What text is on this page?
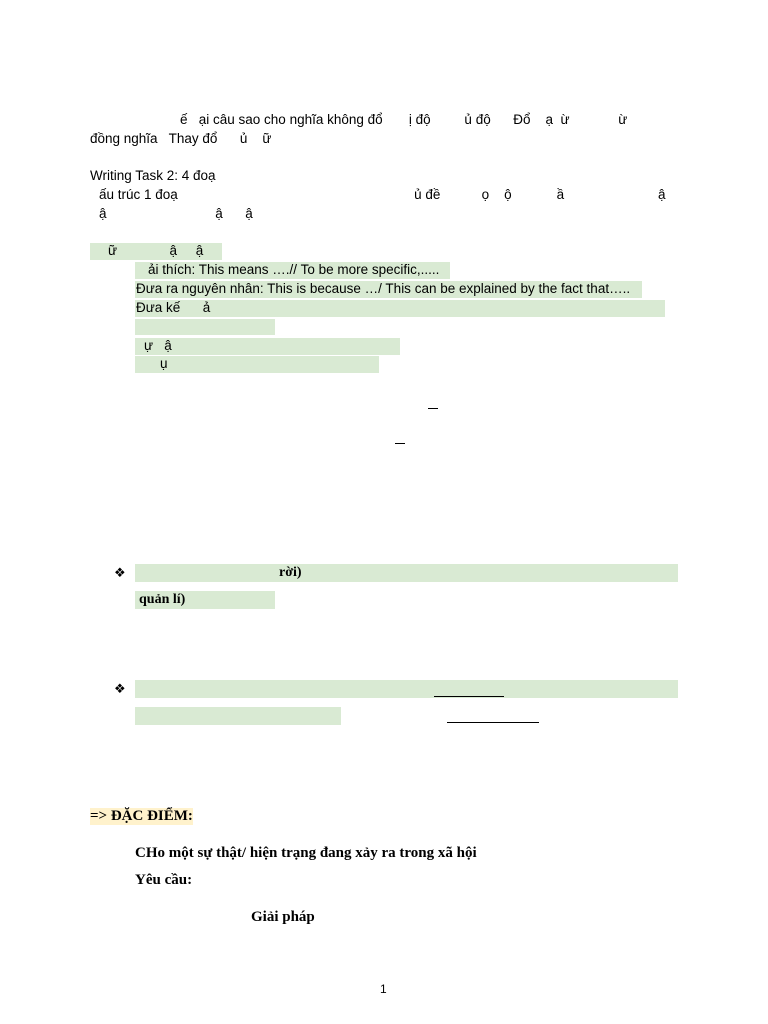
ế   ại câu sao cho nghĩa không đổ       ị độ         ủ độ      Đổ    ạ  ừ             ừ
đồng nghĩa   Thay đổ      ủ    ữ
Writing Task 2: 4 đoạ
ấu trúc 1 đoạ                                                               ủ đề           ọ    ộ            ầ                         ậ
ậ                             ậ      ậ
ữ              ậ     ậ
ải thích: This means ….// To be more specific,.....
Đưa ra nguyên nhân: This is because …/ This can be explained by the fact that…..
Đưa kế      ả
ự   ậ
ụ
❖	rời)
quản lí)
❖
=> ĐẶC ĐIỂM:
CHo một sự thật/ hiện trạng đang xảy ra trong xã hội
Yêu cầu:
Giải pháp
1
